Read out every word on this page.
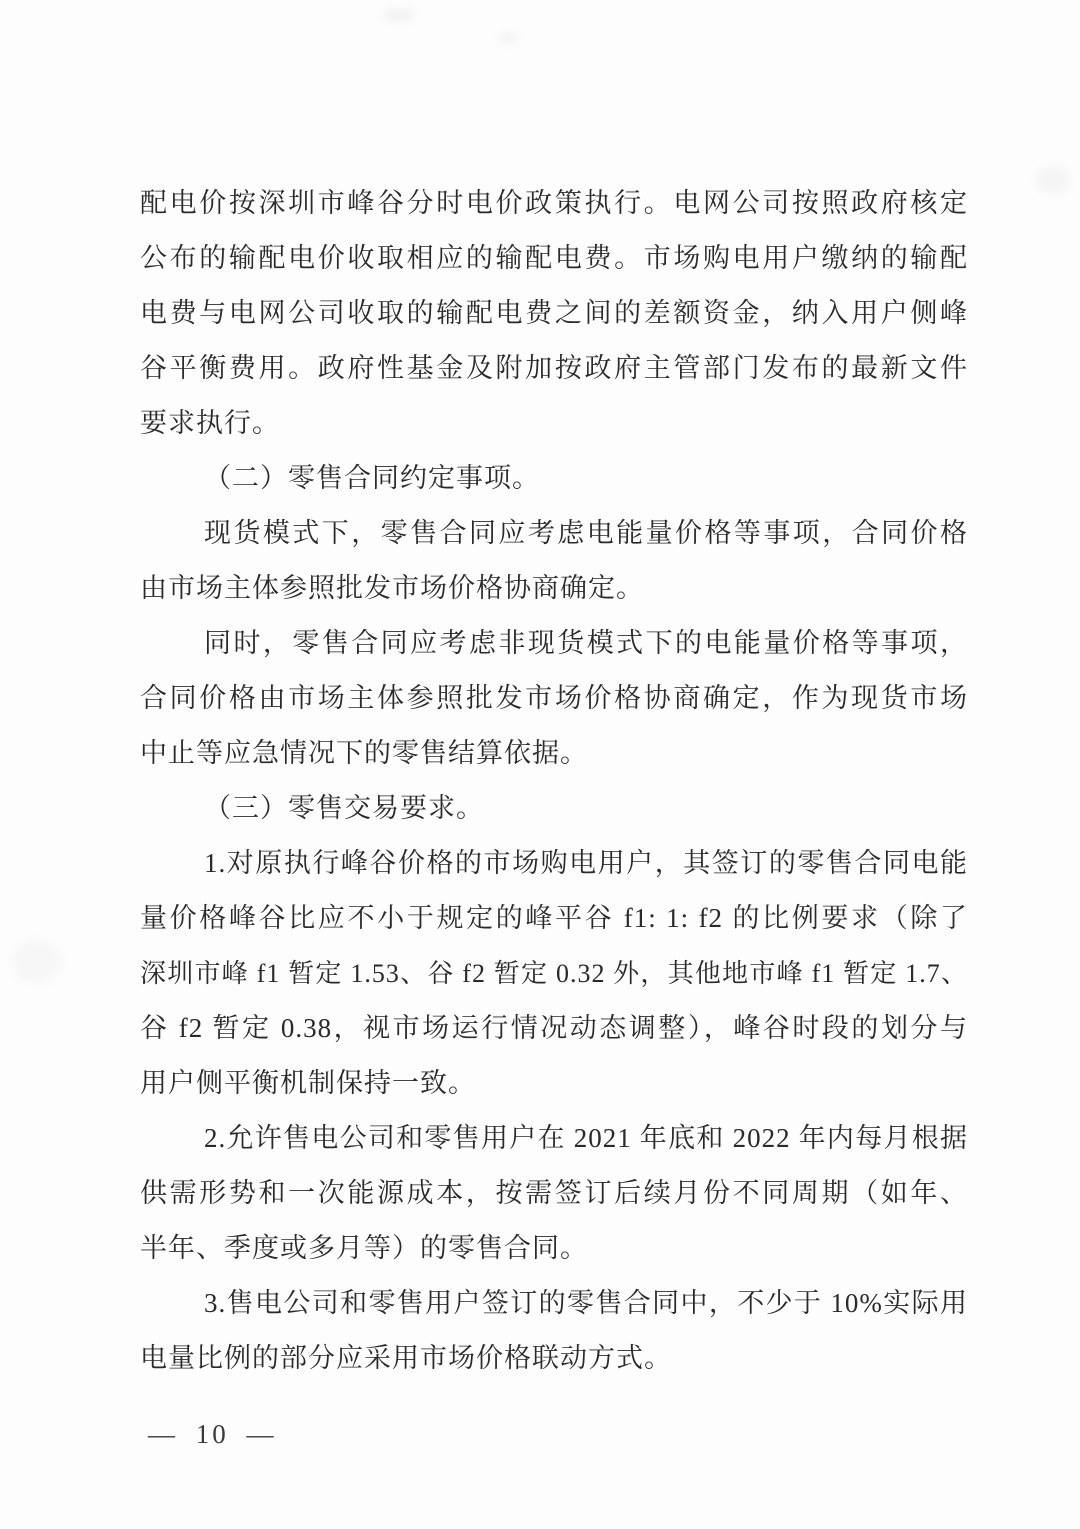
配电价按深圳市峰谷分时电价政策执行。电网公司按照政府核定
公布的输配电价收取相应的输配电费。市场购电用户缴纳的输配
电费与电网公司收取的输配电费之间的差额资金，纳入用户侧峰
谷平衡费用。政府性基金及附加按政府主管部门发布的最新文件
要求执行。
（二）零售合同约定事项。
现货模式下，零售合同应考虑电能量价格等事项，合同价格
由市场主体参照批发市场价格协商确定。
同时，零售合同应考虑非现货模式下的电能量价格等事项，
合同价格由市场主体参照批发市场价格协商确定，作为现货市场
中止等应急情况下的零售结算依据。
（三）零售交易要求。
1.对原执行峰谷价格的市场购电用户，其签订的零售合同电能
量价格峰谷比应不小于规定的峰平谷 f1: 1: f2 的比例要求（除了
深圳市峰 f1 暂定 1.53、谷 f2 暂定 0.32 外，其他地市峰 f1 暂定 1.7、
谷 f2 暂定 0.38，视市场运行情况动态调整），峰谷时段的划分与
用户侧平衡机制保持一致。
2.允许售电公司和零售用户在 2021 年底和 2022 年内每月根据
供需形势和一次能源成本，按需签订后续月份不同周期（如年、
半年、季度或多月等）的零售合同。
3.售电公司和零售用户签订的零售合同中，不少于 10%实际用
电量比例的部分应采用市场价格联动方式。
— 10 —
